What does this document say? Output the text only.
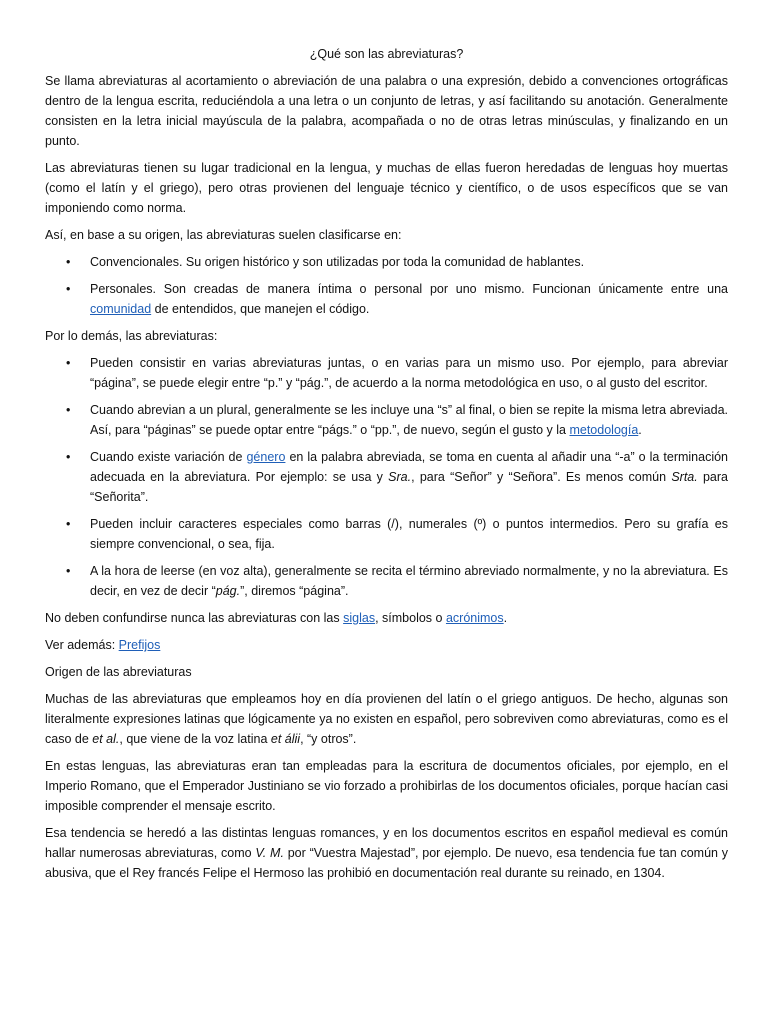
¿Qué son las abreviaturas?

Se llama abreviaturas al acortamiento o abreviación de una palabra o una expresión, debido a convenciones ortográficas dentro de la lengua escrita, reduciéndola a una letra o un conjunto de letras, y así facilitando su anotación. Generalmente consisten en la letra inicial mayúscula de la palabra, acompañada o no de otras letras minúsculas, y finalizando en un punto.

Las abreviaturas tienen su lugar tradicional en la lengua, y muchas de ellas fueron heredadas de lenguas hoy muertas (como el latín y el griego), pero otras provienen del lenguaje técnico y científico, o de usos específicos que se van imponiendo como norma.

Así, en base a su origen, las abreviaturas suelen clasificarse en:

• Convencionales. Su origen histórico y son utilizadas por toda la comunidad de hablantes.
• Personales. Son creadas de manera íntima o personal por uno mismo. Funcionan únicamente entre una comunidad de entendidos, que manejen el código.

Por lo demás, las abreviaturas:

• Pueden consistir en varias abreviaturas juntas, o en varias para un mismo uso. Por ejemplo, para abreviar “página”, se puede elegir entre “p.” y “pág.”, de acuerdo a la norma metodológica en uso, o al gusto del escritor.
• Cuando abrevian a un plural, generalmente se les incluye una “s” al final, o bien se repite la misma letra abreviada. Así, para “páginas” se puede optar entre “págs.” o “pp.”, de nuevo, según el gusto y la metodología.
• Cuando existe variación de género en la palabra abreviada, se toma en cuenta al añadir una “-a” o la terminación adecuada en la abreviatura. Por ejemplo: se usa y Sra., para “Señor” y “Señora”. Es menos común Srta. para “Señorita”.
• Pueden incluir caracteres especiales como barras (/), numerales (º) o puntos intermedios. Pero su grafía es siempre convencional, o sea, fija.
• A la hora de leerse (en voz alta), generalmente se recita el término abreviado normalmente, y no la abreviatura. Es decir, en vez de decir “pág.”, diremos “página”.

No deben confundirse nunca las abreviaturas con las siglas, símbolos o acrónimos.

Ver además: Prefijos

Origen de las abreviaturas

Muchas de las abreviaturas que empleamos hoy en día provienen del latín o el griego antiguos. De hecho, algunas son literalmente expresiones latinas que lógicamente ya no existen en español, pero sobreviven como abreviaturas, como es el caso de et al., que viene de la voz latina et álii, “y otros”.

En estas lenguas, las abreviaturas eran tan empleadas para la escritura de documentos oficiales, por ejemplo, en el Imperio Romano, que el Emperador Justiniano se vio forzado a prohibirlas de los documentos oficiales, porque hacían casi imposible comprender el mensaje escrito.

Esa tendencia se heredó a las distintas lenguas romances, y en los documentos escritos en español medieval es común hallar numerosas abreviaturas, como V. M. por “Vuestra Majestad”, por ejemplo. De nuevo, esa tendencia fue tan común y abusiva, que el Rey francés Felipe el Hermoso las prohibió en documentación real durante su reinado, en 1304.
